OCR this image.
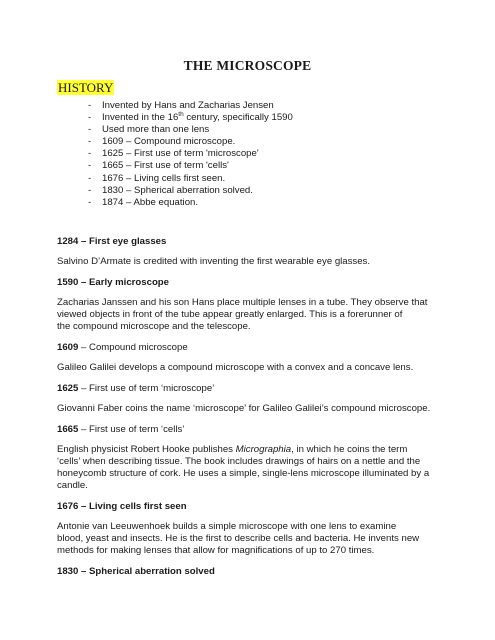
THE MICROSCOPE
HISTORY
- Invented by Hans and Zacharias Jensen
- Invented in the 16th century, specifically 1590
- Used more than one lens
- 1609 – Compound microscope.
- 1625 – First use of term 'microscope'
- 1665 – First use of term 'cells'
- 1676 – Living cells first seen.
- 1830 – Spherical aberration solved.
- 1874 – Abbe equation.
1284 – First eye glasses

Salvino D’Armate is credited with inventing the first wearable eye glasses.

1590 – Early microscope

Zacharias Janssen and his son Hans place multiple lenses in a tube. They observe that

viewed objects in front of the tube appear greatly enlarged. This is a forerunner of

the compound microscope and the telescope.

1609 – Compound microscope

Galileo Galilei develops a compound microscope with a convex and a concave lens.

1625 – First use of term ‘microscope’

Giovanni Faber coins the name ‘microscope’ for Galileo Galilei’s compound microscope.

1665 – First use of term ‘cells’

English physicist Robert Hooke publishes Micrographia, in which he coins the term

‘cells’ when describing tissue. The book includes drawings of hairs on a nettle and the

honeycomb structure of cork. He uses a simple, single-lens microscope illuminated by a

candle.

1676 – Living cells first seen

Antonie van Leeuwenhoek builds a simple microscope with one lens to examine

blood, yeast and insects. He is the first to describe cells and bacteria. He invents new

methods for making lenses that allow for magnifications of up to 270 times.

1830 – Spherical aberration solved
